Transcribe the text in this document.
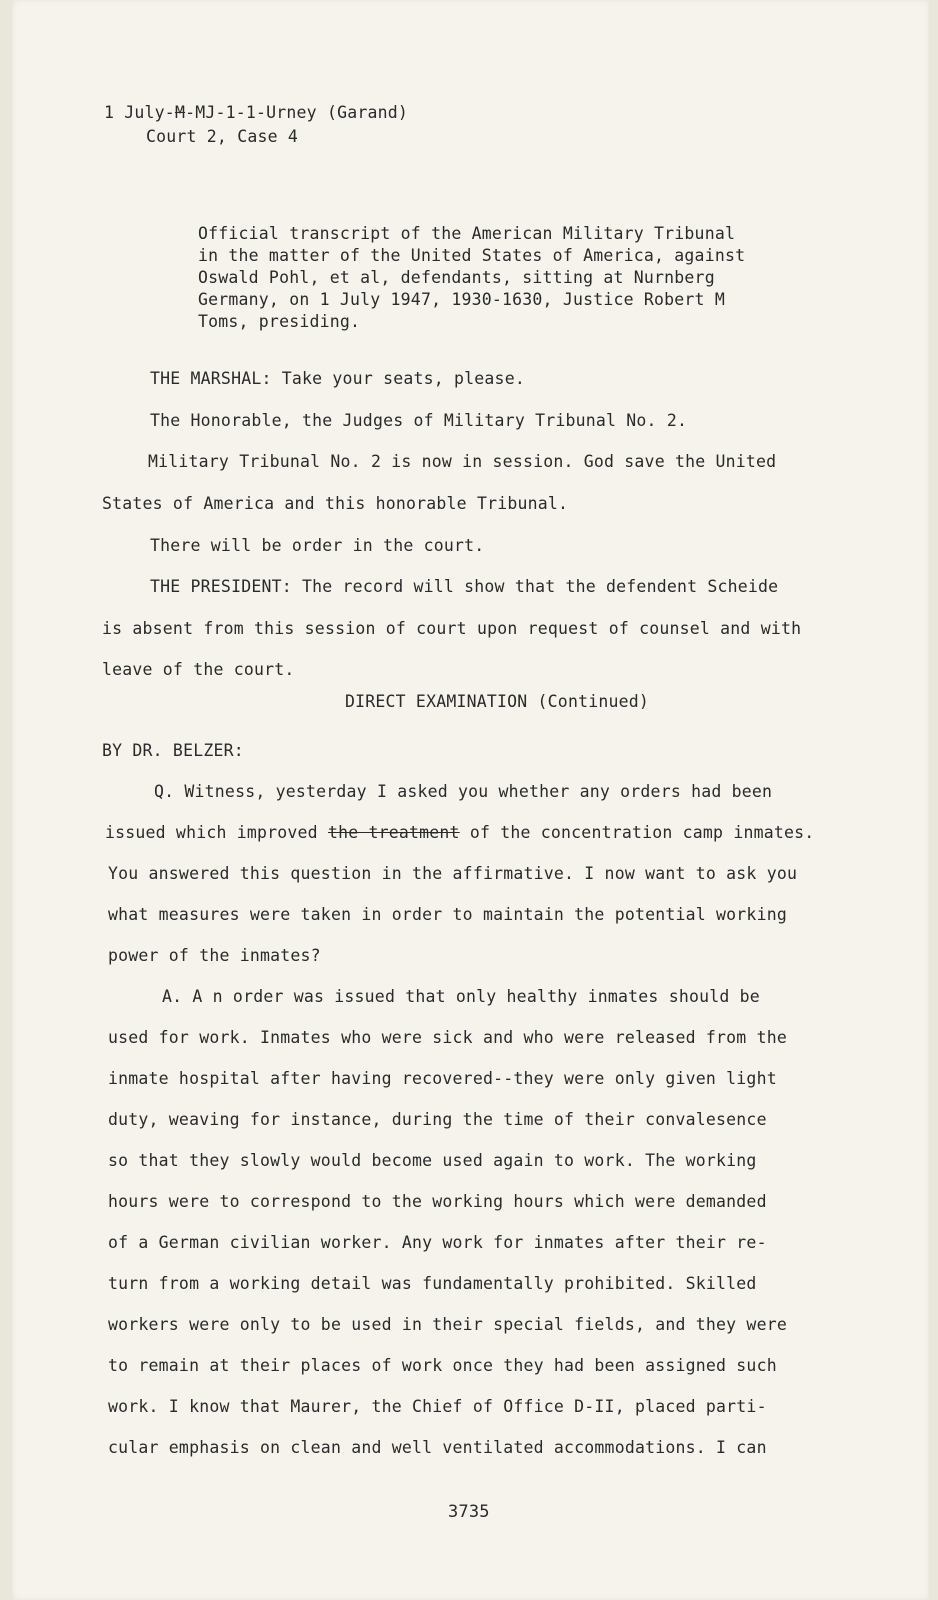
1 July-M-MJ-1-1-Urney (Garand)
Court 2, Case 4
Official transcript of the American Military Tribunal
in the matter of the United States of America, against
Oswald Pohl, et al, defendants, sitting at Nurnberg
Germany, on 1 July 1947, 1930-1630, Justice Robert M
Toms, presiding.
THE MARSHAL: Take your seats, please.
The Honorable, the Judges of Military Tribunal No. 2.
Military Tribunal No. 2 is now in session. God save the United
States of America and this honorable Tribunal.
There will be order in the court.
THE PRESIDENT: The record will show that the defendent Scheide
is absent from this session of court upon request of counsel and with
leave of the court.
DIRECT EXAMINATION (Continued)
BY DR. BELZER:
Q. Witness, yesterday I asked you whether any orders had been
issued which improved the treatment of the concentration camp inmates.
You answered this question in the affirmative. I now want to ask you
what measures were taken in order to maintain the potential working
power of the inmates?
A. A n order was issued that only healthy inmates should be
used for work. Inmates who were sick and who were released from the
inmate hospital after having recovered--they were only given light
duty, weaving for instance, during the time of their convalesence
so that they slowly would become used again to work. The working
hours were to correspond to the working hours which were demanded
of a German civilian worker. Any work for inmates after their re-
turn from a working detail was fundamentally prohibited. Skilled
workers were only to be used in their special fields, and they were
to remain at their places of work once they had been assigned such
work. I know that Maurer, the Chief of Office D-II, placed parti-
cular emphasis on clean and well ventilated accommodations. I can
3735
